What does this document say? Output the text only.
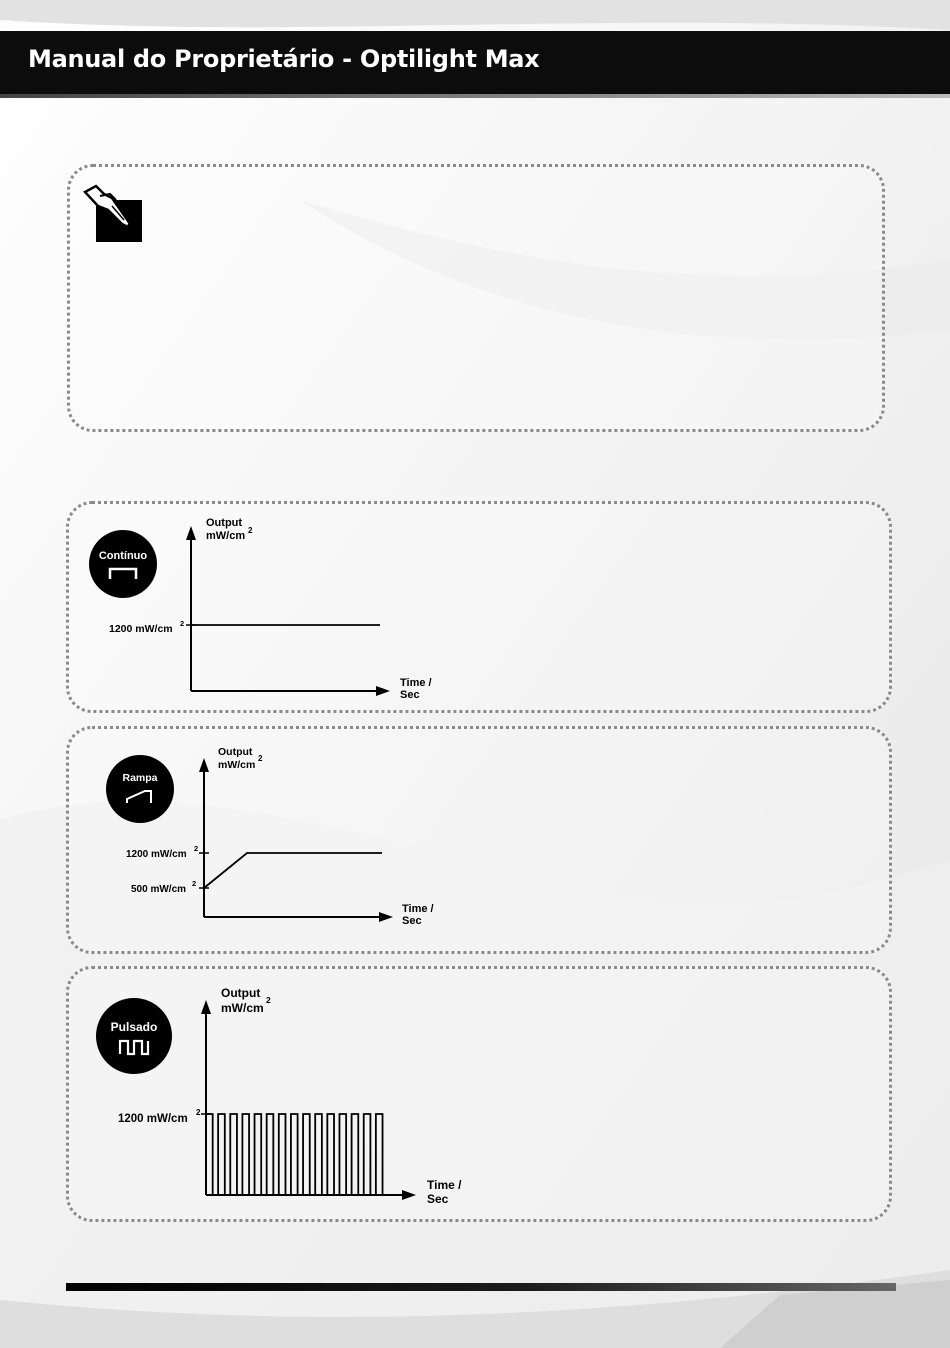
Manual do Proprietário - Optilight Max
Contínuo
Output
mW/cm 2
1200 mW/cm 2
Time /
Sec
Rampa
Output
mW/cm
2
1200 mW/cm
2
500 mW/cm
2
Time /
Sec
Pulsado
Output
mW/cm
2
1200 mW/cm
2
Time /
Sec
